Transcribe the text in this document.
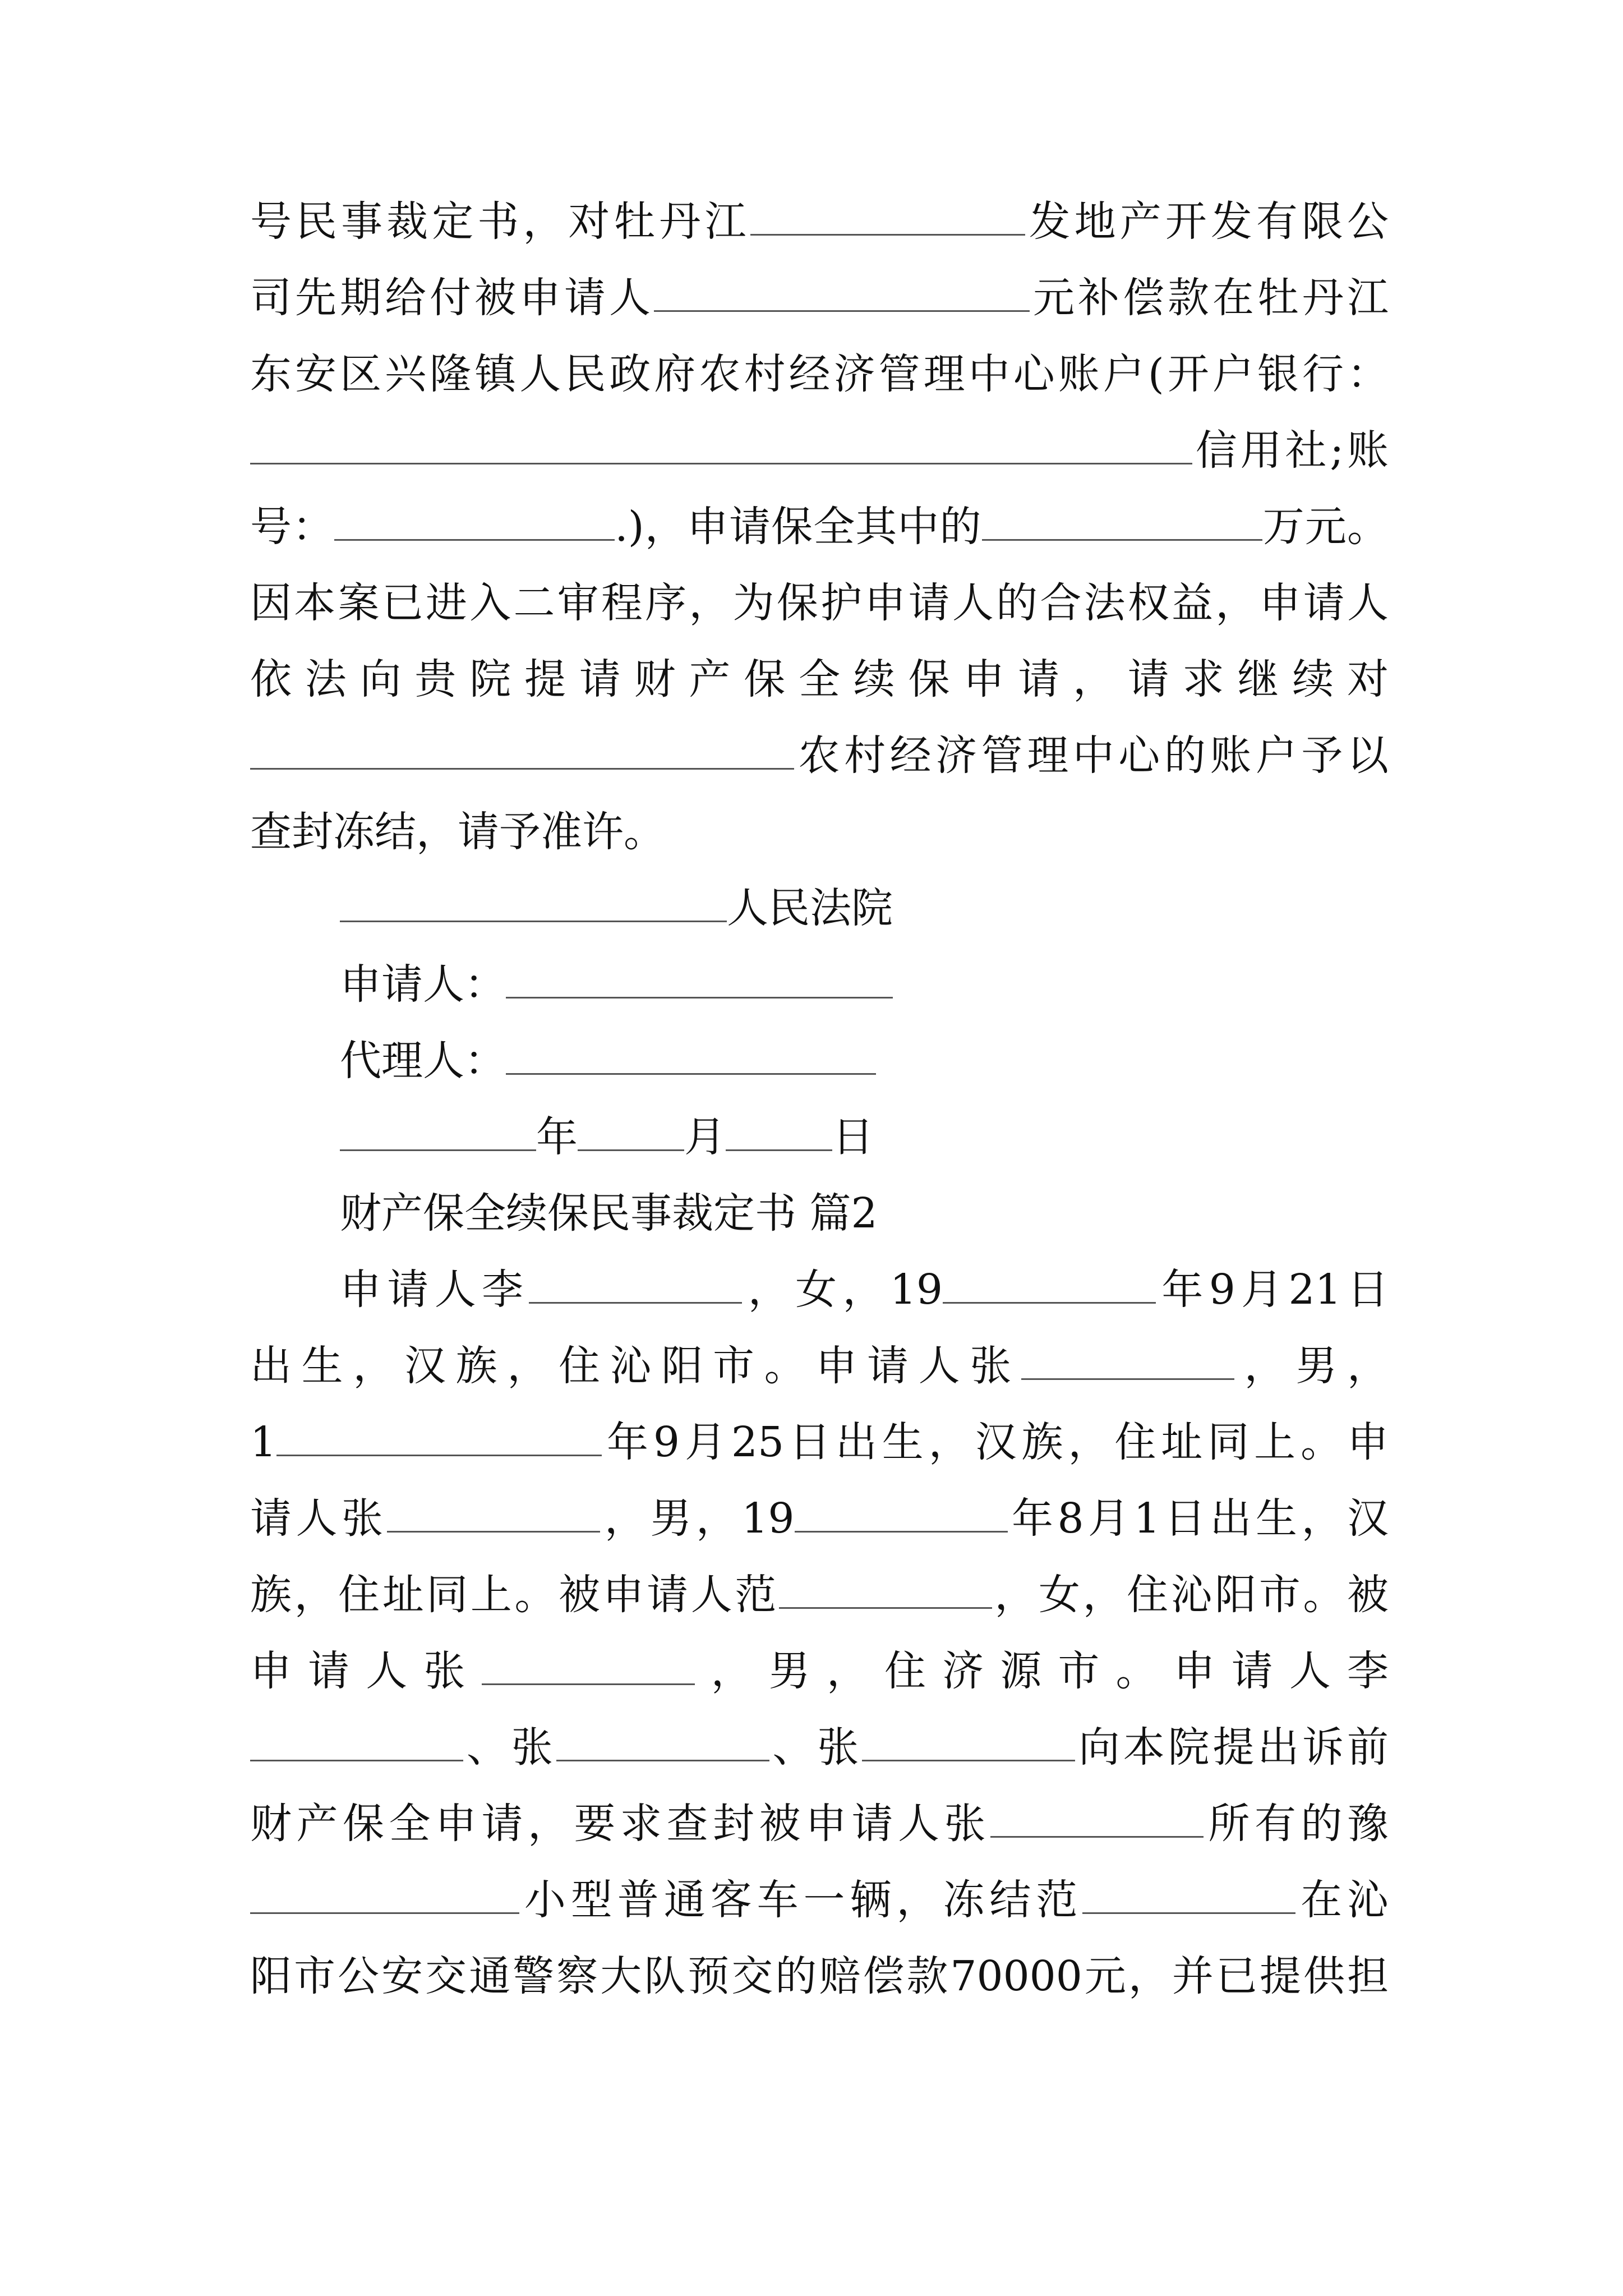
号民事裁定书，对牡丹江	发地产开发有限公
司先期给付被申请人	元补偿款在牡丹江
东安区兴隆镇人民政府农村经济管理中心账户(开户银行：
信用社;账
号：	.)，申请保全其中的	万元。
因本案已进入二审程序，为保护申请人的合法权益，申请人
依法向贵院提请财产保全续保申请，请求继续对
农村经济管理中心的账户予以
查封冻结，请予准许。
人民法院
申请人：
代理人：
年	月	日
财产保全续保民事裁定书 篇2
申请人李	，女，19	年9月21日
出生，汉族，住沁阳市。申请人张	，男，
1	年9月25日出生，汉族，住址同上。申
请人张	，男，19	年8月1日出生，汉
族，住址同上。被申请人范	，女，住沁阳市。被
申请人张	，男，住济源市。申请人李
、张	、张	向本院提出诉前
财产保全申请，要求查封被申请人张	所有的豫
小型普通客车一辆，冻结范	在沁
阳市公安交通警察大队预交的赔偿款70000元，并已提供担
